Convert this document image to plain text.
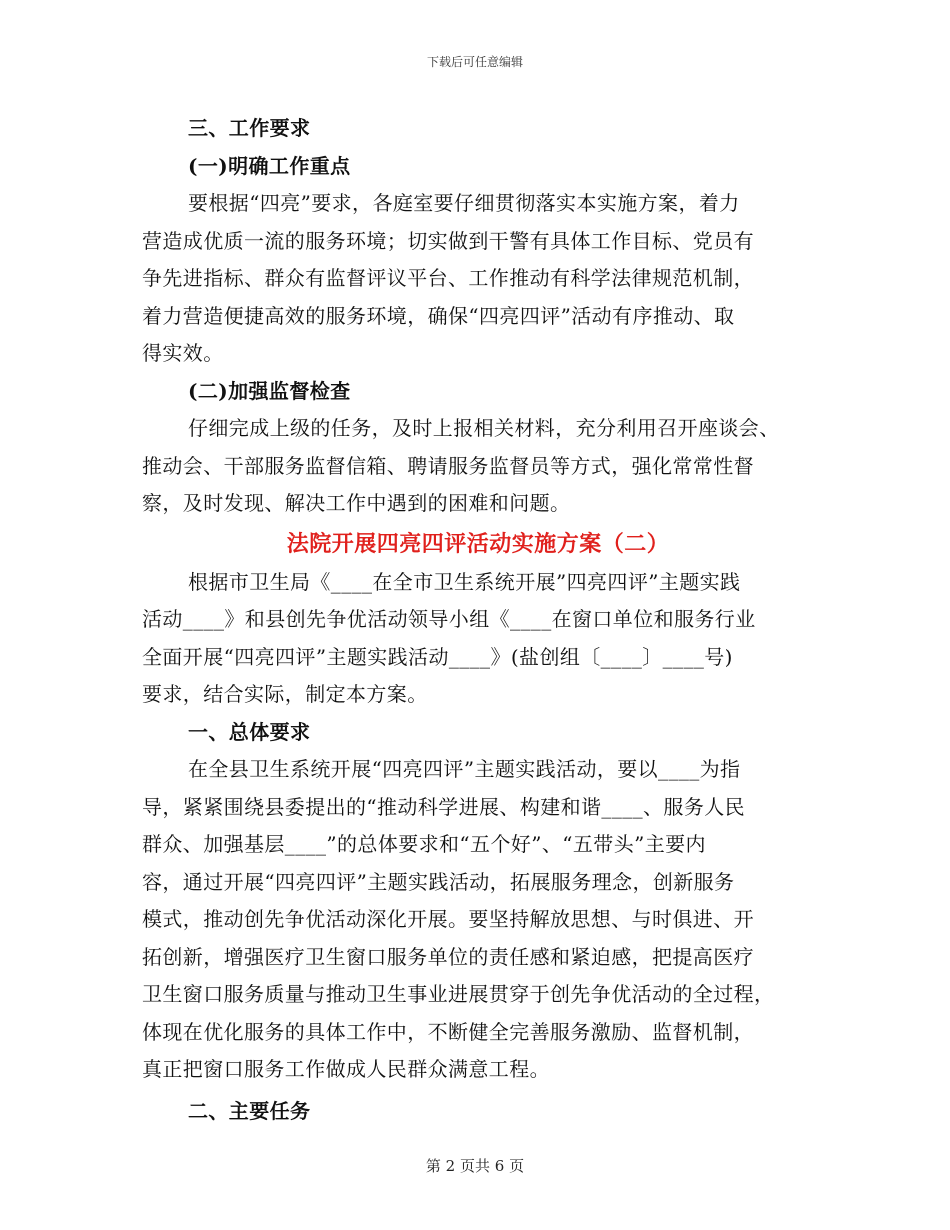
下载后可任意编辑
三、工作要求
(一)明确工作重点
要根据“四亮”要求，各庭室要仔细贯彻落实本实施方案，着力
营造成优质一流的服务环境；切实做到干警有具体工作目标、党员有
争先进指标、群众有监督评议平台、工作推动有科学法律规范机制，
着力营造便捷高效的服务环境，确保“四亮四评”活动有序推动、取
得实效。
(二)加强监督检查
仔细完成上级的任务，及时上报相关材料，充分利用召开座谈会、
推动会、干部服务监督信箱、聘请服务监督员等方式，强化常常性督
察，及时发现、解决工作中遇到的困难和问题。
法院开展四亮四评活动实施方案（二）
根据市卫生局《____在全市卫生系统开展”四亮四评”主题实践
活动____》和县创先争优活动领导小组《____在窗口单位和服务行业
全面开展“四亮四评”主题实践活动____》(盐创组〔____〕____号)
要求，结合实际，制定本方案。
一、总体要求
在全县卫生系统开展“四亮四评”主题实践活动，要以____为指
导，紧紧围绕县委提出的“推动科学进展、构建和谐____、服务人民
群众、加强基层____”的总体要求和“五个好”、“五带头”主要内
容，通过开展“四亮四评”主题实践活动，拓展服务理念，创新服务
模式，推动创先争优活动深化开展。要坚持解放思想、与时俱进、开
拓创新，增强医疗卫生窗口服务单位的责任感和紧迫感，把提高医疗
卫生窗口服务质量与推动卫生事业进展贯穿于创先争优活动的全过程，
体现在优化服务的具体工作中，不断健全完善服务激励、监督机制，
真正把窗口服务工作做成人民群众满意工程。
二、主要任务
第 2 页共 6 页
